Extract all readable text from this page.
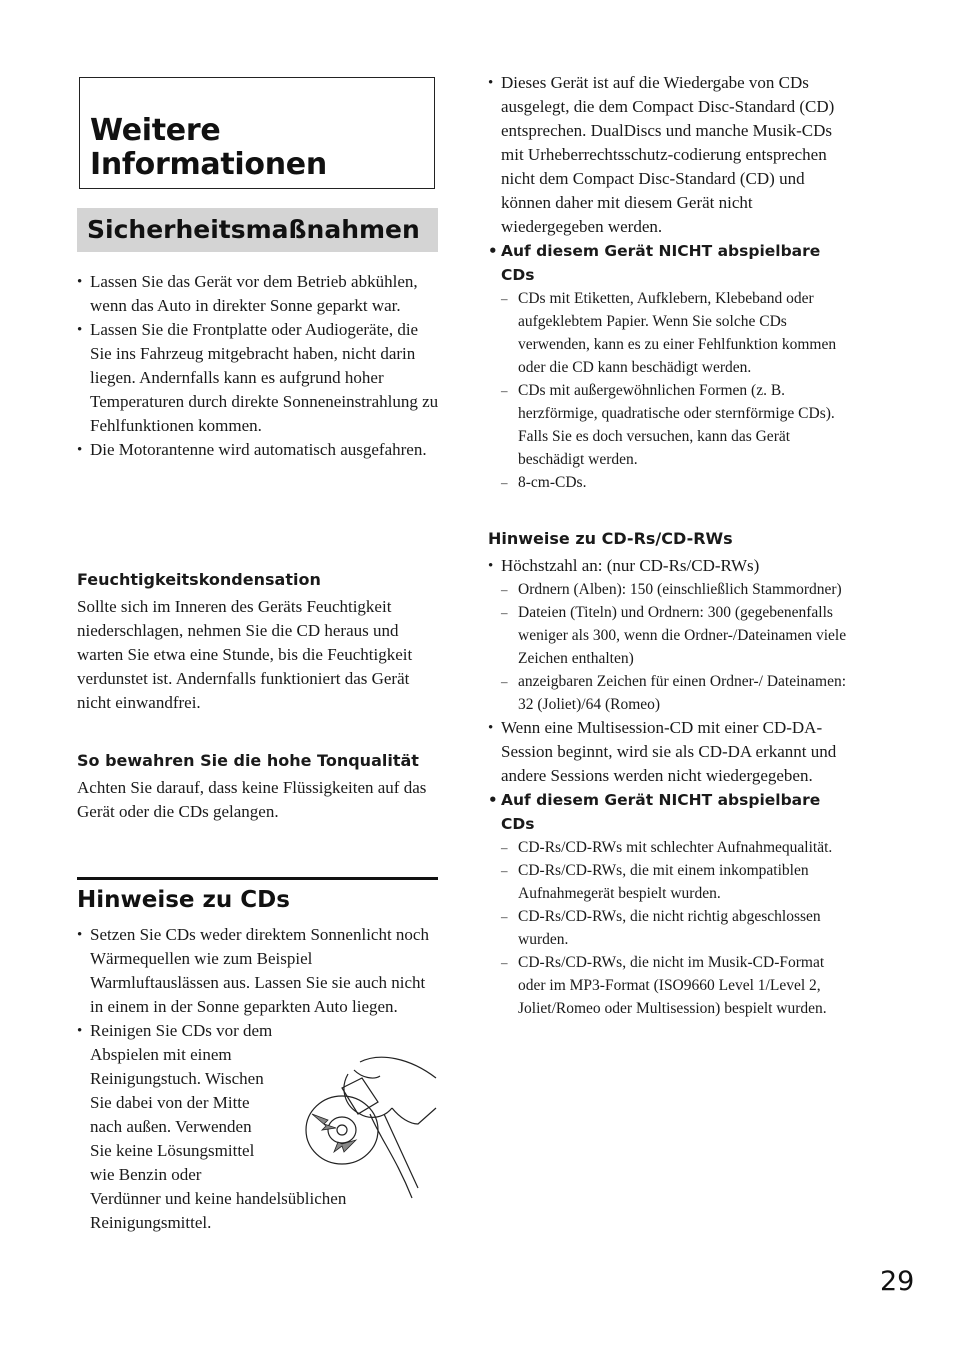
Weitere
Informationen
Sicherheitsmaßnahmen
• Lassen Sie das Gerät vor dem Betrieb abkühlen, wenn das Auto in direkter Sonne geparkt war.
• Lassen Sie die Frontplatte oder Audiogeräte, die Sie ins Fahrzeug mitgebracht haben, nicht darin liegen. Andernfalls kann es aufgrund hoher Temperaturen durch direkte Sonneneinstrahlung zu Fehlfunktionen kommen.
• Die Motorantenne wird automatisch ausgefahren.

Feuchtigkeitskondensation

Sollte sich im Inneren des Geräts Feuchtigkeit niederschlagen, nehmen Sie die CD heraus und warten Sie etwa eine Stunde, bis die Feuchtigkeit verdunstet ist. Andernfalls funktioniert das Gerät nicht einwandfrei.

So bewahren Sie die hohe Tonqualität

Achten Sie darauf, dass keine Flüssigkeiten auf das Gerät oder die CDs gelangen.

Hinweise zu CDs
• Setzen Sie CDs weder direktem Sonnenlicht noch Wärmequellen wie zum Beispiel Warmluftauslässen aus. Lassen Sie sie auch nicht in einem in der Sonne geparkten Auto liegen.
• Reinigen Sie CDs vor dem
Abspielen mit einem
Reinigungstuch. Wischen
Sie dabei von der Mitte
nach außen. Verwenden
Sie keine Lösungsmittel
wie Benzin oder
Verdünner und keine handelsüblichen
Reinigungsmittel.
• Dieses Gerät ist auf die Wiedergabe von CDs ausgelegt, die dem Compact Disc-Standard (CD) entsprechen. DualDiscs und manche Musik-CDs mit Urheberrechtsschutz-codierung entsprechen nicht dem Compact Disc-Standard (CD) und können daher mit diesem Gerät nicht wiedergegeben werden.
• Auf diesem Gerät NICHT abspielbare CDs
– CDs mit Etiketten, Aufklebern, Klebeband oder aufgeklebtem Papier. Wenn Sie solche CDs verwenden, kann es zu einer Fehlfunktion kommen oder die CD kann beschädigt werden.
– CDs mit außergewöhnlichen Formen (z. B. herzförmige, quadratische oder sternförmige CDs). Falls Sie es doch versuchen, kann das Gerät beschädigt werden.
– 8-cm-CDs.

Hinweise zu CD-Rs/CD-RWs

• Höchstzahl an: (nur CD-Rs/CD-RWs)
– Ordnern (Alben): 150 (einschließlich Stammordner)
– Dateien (Titeln) und Ordnern: 300 (gegebenenfalls weniger als 300, wenn die Ordner-/Dateinamen viele Zeichen enthalten)
– anzeigbaren Zeichen für einen Ordner-/ Dateinamen: 32 (Joliet)/64 (Romeo)
• Wenn eine Multisession-CD mit einer CD-DA-Session beginnt, wird sie als CD-DA erkannt und andere Sessions werden nicht wiedergegeben.
• Auf diesem Gerät NICHT abspielbare CDs
– CD-Rs/CD-RWs mit schlechter Aufnahmequalität.
– CD-Rs/CD-RWs, die mit einem inkompatiblen Aufnahmegerät bespielt wurden.
– CD-Rs/CD-RWs, die nicht richtig abgeschlossen wurden.
– CD-Rs/CD-RWs, die nicht im Musik-CD-Format oder im MP3-Format (ISO9660 Level 1/Level 2, Joliet/Romeo oder Multisession) bespielt wurden.
29
